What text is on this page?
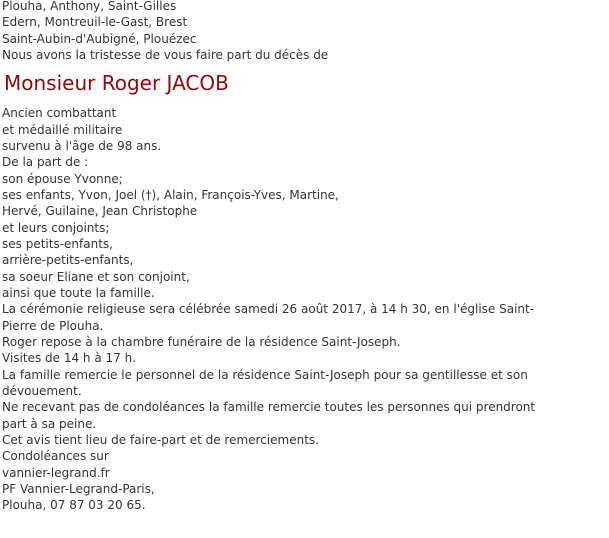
Plouha, Anthony, Saint-Gilles
Edern, Montreuil-le-Gast, Brest
Saint-Aubin-d'Aubigné, Plouézec
Nous avons la tristesse de vous faire part du décès de
Monsieur Roger JACOB
Ancien combattant
et médaillé militaire
survenu à l'âge de 98 ans.
De la part de :
son épouse Yvonne;
ses enfants, Yvon, Joel (†), Alain, François-Yves, Martine,
Hervé, Guilaine, Jean Christophe
et leurs conjoints;
ses petits-enfants,
arrière-petits-enfants,
sa soeur Eliane et son conjoint,
ainsi que toute la famille.
La cérémonie religieuse sera célébrée samedi 26 août 2017, à 14 h 30, en l'église Saint-
Pierre de Plouha.
Roger repose à la chambre funéraire de la résidence Saint-Joseph.
Visites de 14 h à 17 h.
La famille remercie le personnel de la résidence Saint-Joseph pour sa gentillesse et son
dévouement.
Ne recevant pas de condoléances la famille remercie toutes les personnes qui prendront
part à sa peine.
Cet avis tient lieu de faire-part et de remerciements.
Condoléances sur
vannier-legrand.fr
PF Vannier-Legrand-Paris,
Plouha, 07 87 03 20 65.
